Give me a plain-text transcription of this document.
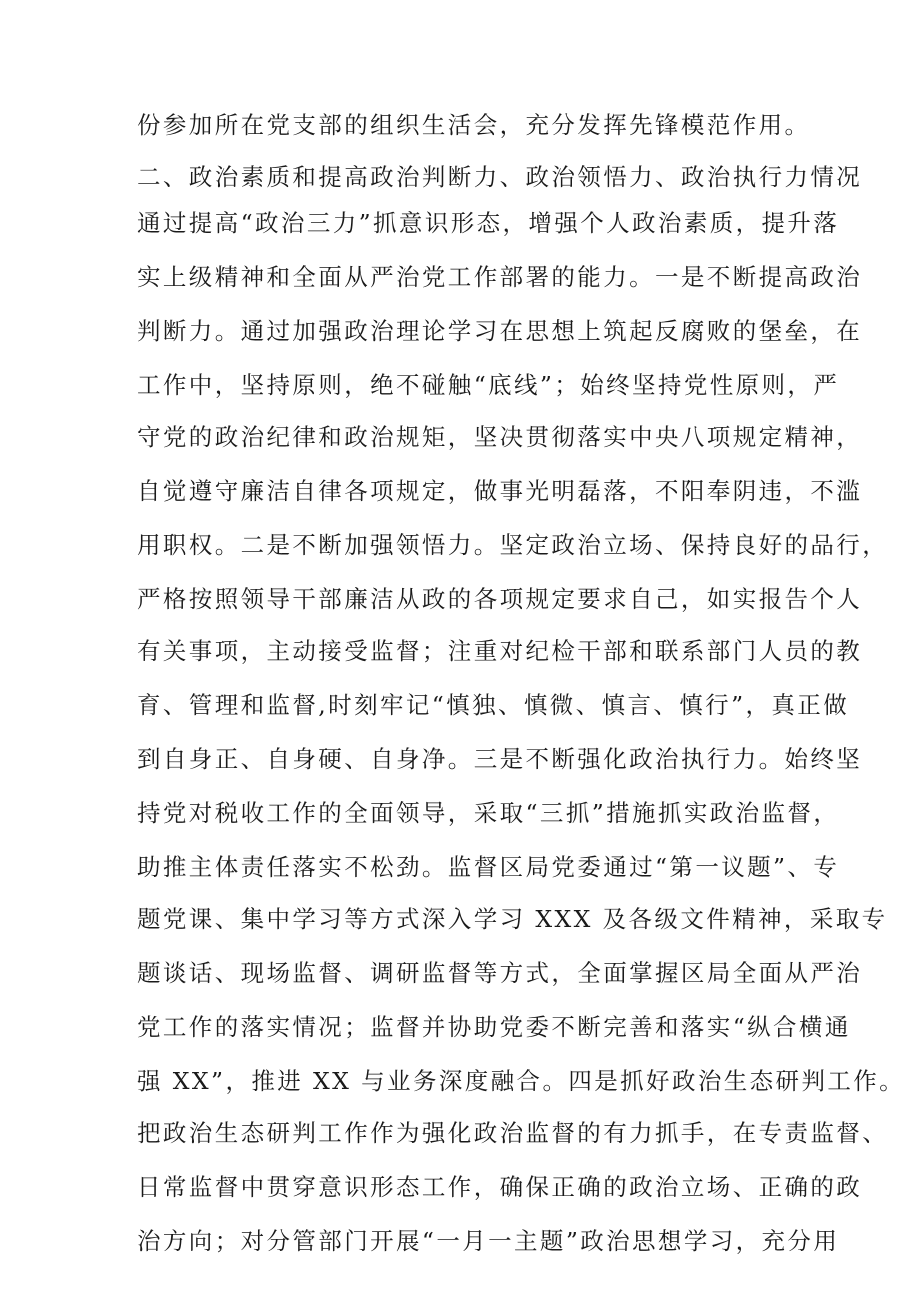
份参加所在党支部的组织生活会，充分发挥先锋模范作用。
二、政治素质和提高政治判断力、政治领悟力、政治执行力情况
通过提高“政治三力”抓意识形态，增强个人政治素质，提升落
实上级精神和全面从严治党工作部署的能力。一是不断提高政治
判断力。通过加强政治理论学习在思想上筑起反腐败的堡垒，在
工作中，坚持原则，绝不碰触“底线”；始终坚持党性原则，严
守党的政治纪律和政治规矩，坚决贯彻落实中央八项规定精神，
自觉遵守廉洁自律各项规定，做事光明磊落，不阳奉阴违，不滥
用职权。二是不断加强领悟力。坚定政治立场、保持良好的品行，
严格按照领导干部廉洁从政的各项规定要求自己，如实报告个人
有关事项，主动接受监督；注重对纪检干部和联系部门人员的教
育、管理和监督,时刻牢记“慎独、慎微、慎言、慎行”，真正做
到自身正、自身硬、自身净。三是不断强化政治执行力。始终坚
持党对税收工作的全面领导，采取“三抓”措施抓实政治监督，
助推主体责任落实不松劲。监督区局党委通过“第一议题”、专
题党课、集中学习等方式深入学习 XXX 及各级文件精神，采取专
题谈话、现场监督、调研监督等方式，全面掌握区局全面从严治
党工作的落实情况；监督并协助党委不断完善和落实“纵合横通
强 XX”，推进 XX 与业务深度融合。四是抓好政治生态研判工作。
把政治生态研判工作作为强化政治监督的有力抓手，在专责监督、
日常监督中贯穿意识形态工作，确保正确的政治立场、正确的政
治方向；对分管部门开展“一月一主题”政治思想学习，充分用
